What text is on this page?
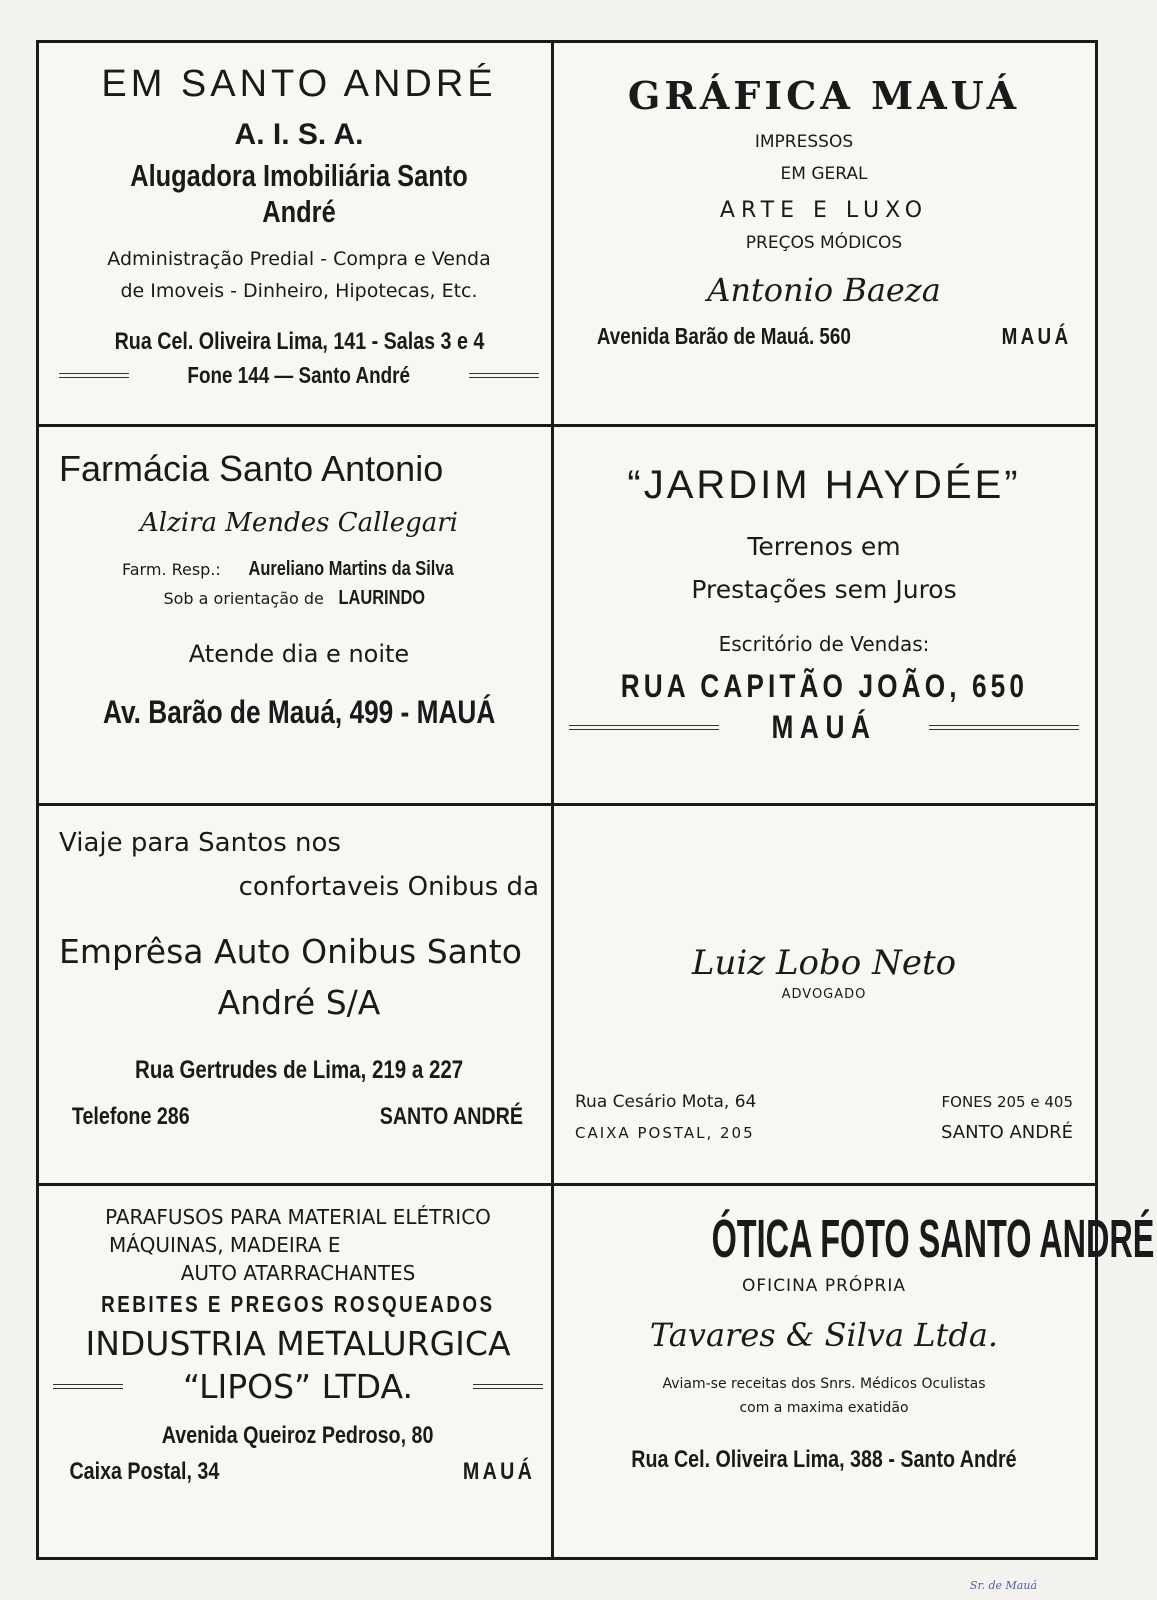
EM SANTO ANDRÉ

A. I. S. A.

Alugadora Imobiliária Santo André

Administração Predial - Compra e Venda

de Imoveis - Dinheiro, Hipotecas, Etc.

Rua Cel. Oliveira Lima, 141 - Salas 3 e 4

Fone 144 — Santo André

GRÁFICA MAUÁ

IMPRESSOS

EM GERAL

ARTE E LUXO

PREÇOS MÓDICOS

Antonio Baeza

Avenida Barão de Mauá. 560	MAUÁ

Farmácia Santo Antonio

Alzira Mendes Callegari

Farm. Resp.: Aureliano Martins da Silva

Sob a orientação de LAURINDO

Atende dia e noite

Av. Barão de Mauá, 499 - MAUÁ

“JARDIM HAYDÉE”

Terrenos em

Prestações sem Juros

Escritório de Vendas:

RUA CAPITÃO JOÃO, 650

MAUÁ

Viaje para Santos nos

confortaveis Onibus da

Emprêsa Auto Onibus Santo

André S/A

Rua Gertrudes de Lima, 219 a 227

Telefone 286	SANTO ANDRÉ

Luiz Lobo Neto

ADVOGADO

Rua Cesário Mota, 64	FONES 205 e 405

CAIXA POSTAL, 205	SANTO ANDRÉ

PARAFUSOS PARA MATERIAL ELÉTRICO

MÁQUINAS, MADEIRA E

AUTO ATARRACHANTES

REBITES E PREGOS ROSQUEADOS

INDUSTRIA METALURGICA

“LIPOS” LTDA.

Avenida Queiroz Pedroso, 80

Caixa Postal, 34	MAUÁ

ÓTICA FOTO SANTO ANDRÉ

OFICINA PRÓPRIA

Tavares & Silva Ltda.

Aviam-se receitas dos Snrs. Médicos Oculistas

com a maxima exatidão

Rua Cel. Oliveira Lima, 388 - Santo André

Sr. de Mauá
